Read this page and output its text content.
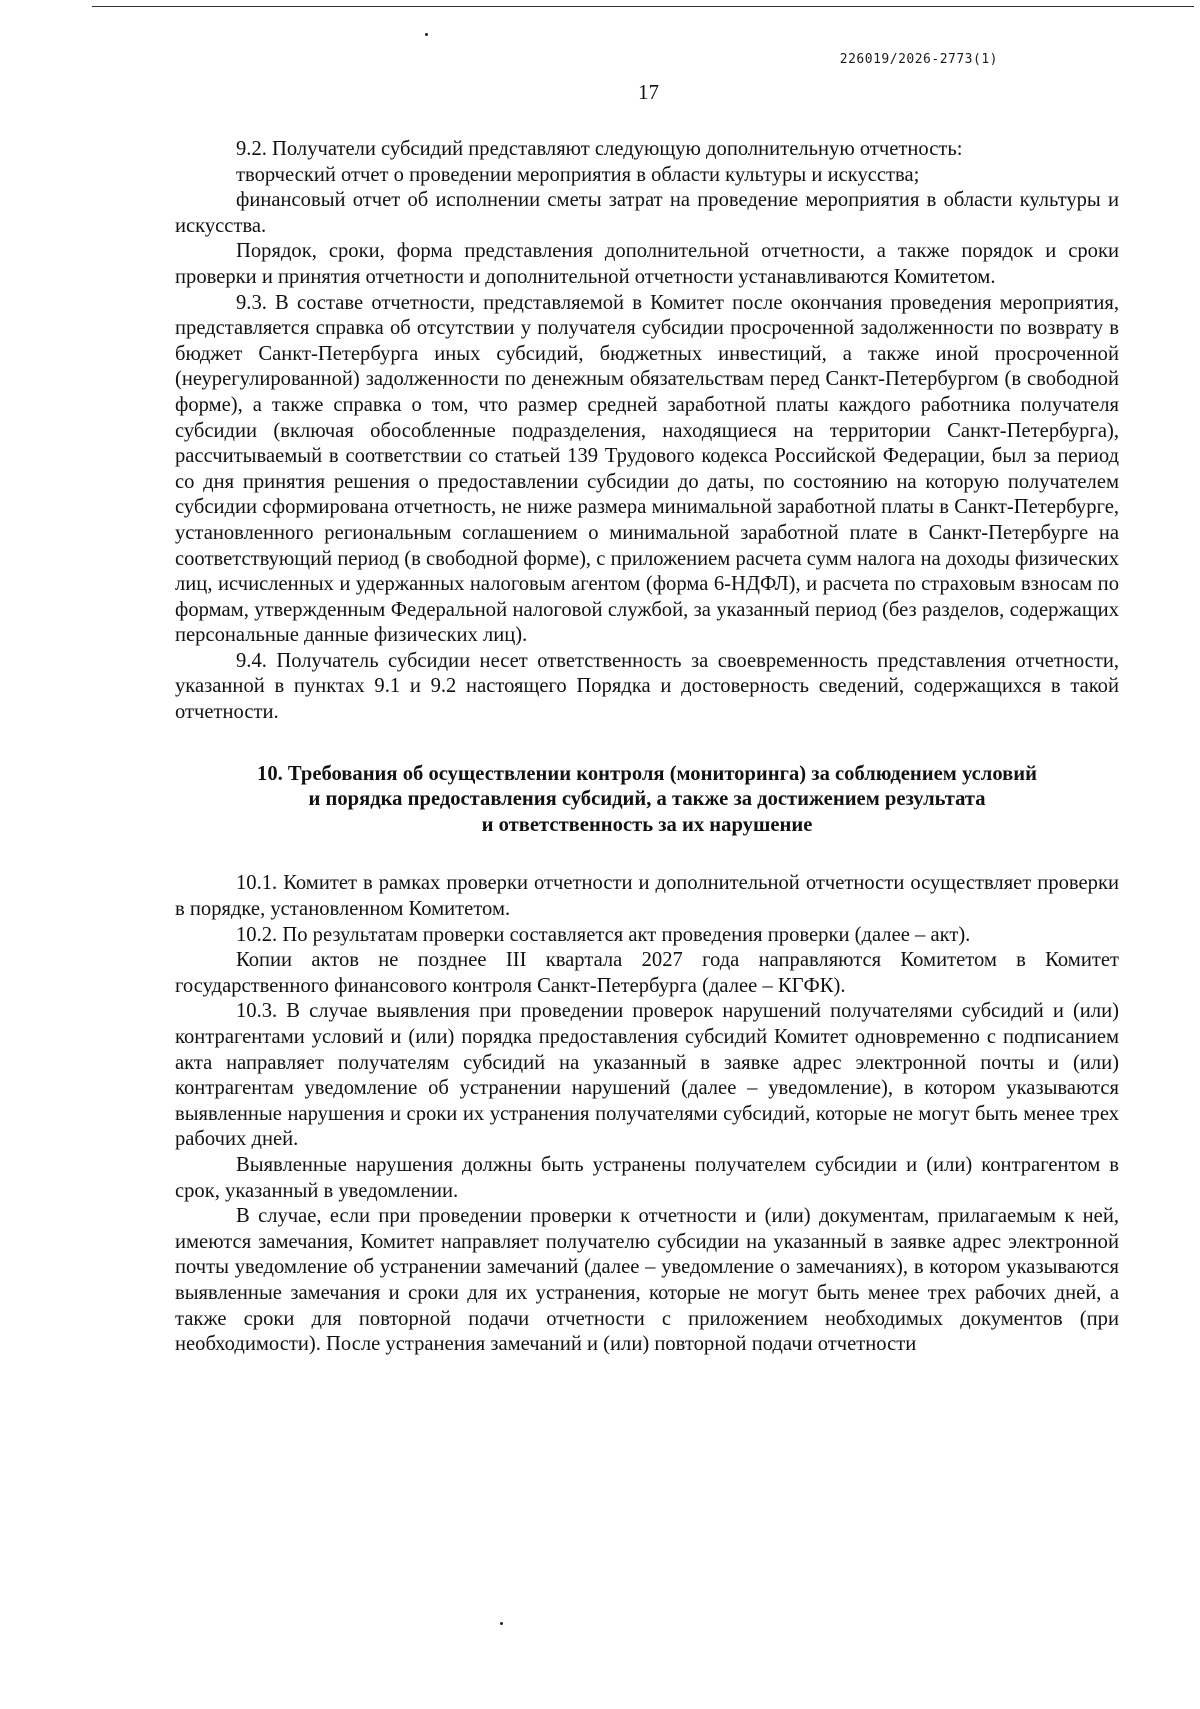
226019/2026-2773(1)
17

9.2. Получатели субсидий представляют следующую дополнительную отчетность:

творческий отчет о проведении мероприятия в области культуры и искусства;

финансовый отчет об исполнении сметы затрат на проведение мероприятия в области культуры и искусства.

Порядок, сроки, форма представления дополнительной отчетности, а также порядок и сроки проверки и принятия отчетности и дополнительной отчетности устанавливаются Комитетом.

9.3. В составе отчетности, представляемой в Комитет после окончания проведения мероприятия, представляется справка об отсутствии у получателя субсидии просроченной задолженности по возврату в бюджет Санкт-Петербурга иных субсидий, бюджетных инвестиций, а также иной просроченной (неурегулированной) задолженности по денежным обязательствам перед Санкт-Петербургом (в свободной форме), а также справка о том, что размер средней заработной платы каждого работника получателя субсидии (включая обособленные подразделения, находящиеся на территории Санкт-Петербурга), рассчитываемый в соответствии со статьей 139 Трудового кодекса Российской Федерации, был за период со дня принятия решения о предоставлении субсидии до даты, по состоянию на которую получателем субсидии сформирована отчетность, не ниже размера минимальной заработной платы в Санкт-Петербурге, установленного региональным соглашением о минимальной заработной плате в Санкт-Петербурге на соответствующий период (в свободной форме), с приложением расчета сумм налога на доходы физических лиц, исчисленных и удержанных налоговым агентом (форма 6-НДФЛ), и расчета по страховым взносам по формам, утвержденным Федеральной налоговой службой, за указанный период (без разделов, содержащих персональные данные физических лиц).

9.4. Получатель субсидии несет ответственность за своевременность представления отчетности, указанной в пунктах 9.1 и 9.2 настоящего Порядка и достоверность сведений, содержащихся в такой отчетности.

10. Требования об осуществлении контроля (мониторинга) за соблюдением условий
и порядка предоставления субсидий, а также за достижением результата
и ответственность за их нарушение

10.1. Комитет в рамках проверки отчетности и дополнительной отчетности осуществляет проверки в порядке, установленном Комитетом.

10.2. По результатам проверки составляется акт проведения проверки (далее – акт).

Копии актов не позднее III квартала 2027 года направляются Комитетом в Комитет государственного финансового контроля Санкт-Петербурга (далее – КГФК).

10.3. В случае выявления при проведении проверок нарушений получателями субсидий и (или) контрагентами условий и (или) порядка предоставления субсидий Комитет одновременно с подписанием акта направляет получателям субсидий на указанный в заявке адрес электронной почты и (или) контрагентам уведомление об устранении нарушений (далее – уведомление), в котором указываются выявленные нарушения и сроки их устранения получателями субсидий, которые не могут быть менее трех рабочих дней.

Выявленные нарушения должны быть устранены получателем субсидии и (или) контрагентом в срок, указанный в уведомлении.

В случае, если при проведении проверки к отчетности и (или) документам, прилагаемым к ней, имеются замечания, Комитет направляет получателю субсидии на указанный в заявке адрес электронной почты уведомление об устранении замечаний (далее – уведомление о замечаниях), в котором указываются выявленные замечания и сроки для их устранения, которые не могут быть менее трех рабочих дней, а также сроки для повторной подачи отчетности с приложением необходимых документов (при необходимости). После устранения замечаний и (или) повторной подачи отчетности
